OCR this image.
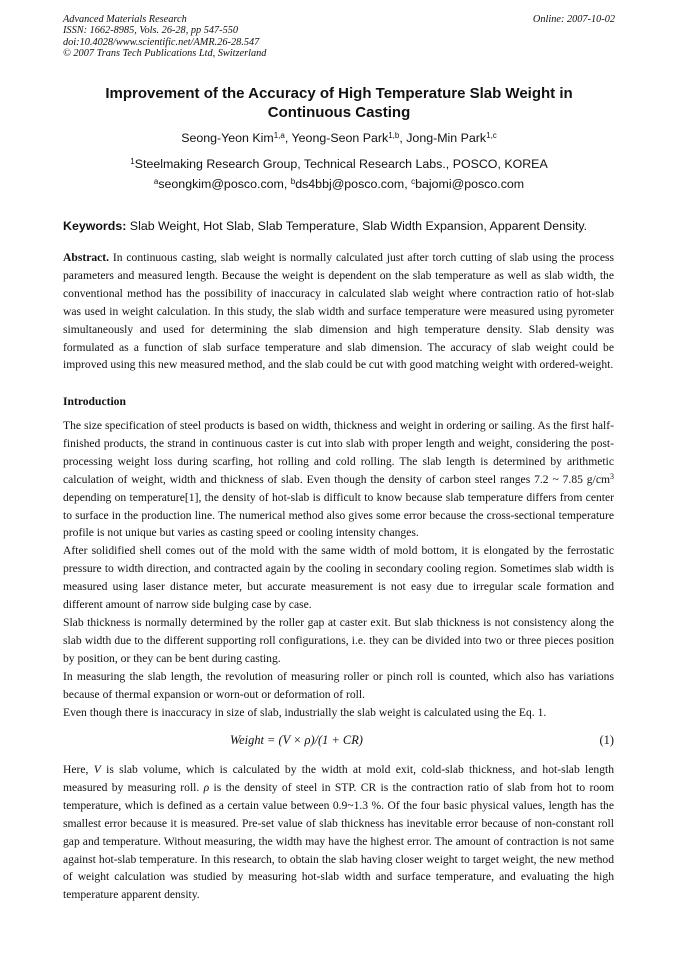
Advanced Materials Research
ISSN: 1662-8985, Vols. 26-28, pp 547-550
doi:10.4028/www.scientific.net/AMR.26-28.547
© 2007 Trans Tech Publications Ltd, Switzerland
Online: 2007-10-02
Improvement of the Accuracy of High Temperature Slab Weight in Continuous Casting
Seong-Yeon Kim$^{1,a}$, Yeong-Seon Park$^{1,b}$, Jong-Min Park$^{1,c}$
$^1$Steelmaking Research Group, Technical Research Labs., POSCO, KOREA
$^a$seongkim@posco.com, $^b$ds4bbj@posco.com, $^c$bajomi@posco.com
Keywords: Slab Weight, Hot Slab, Slab Temperature, Slab Width Expansion, Apparent Density.

Abstract. In continuous casting, slab weight is normally calculated just after torch cutting of slab using the process parameters and measured length. Because the weight is dependent on the slab temperature as well as slab width, the conventional method has the possibility of inaccuracy in calculated slab weight where contraction ratio of hot-slab was used in weight calculation. In this study, the slab width and surface temperature were measured using pyrometer simultaneously and used for determining the slab dimension and high temperature density. Slab density was formulated as a function of slab surface temperature and slab dimension. The accuracy of slab weight could be improved using this new measured method, and the slab could be cut with good matching weight with ordered-weight.

Introduction

The size specification of steel products is based on width, thickness and weight in ordering or sailing. As the first half-finished products, the strand in continuous caster is cut into slab with proper length and weight, considering the post-processing weight loss during scarfing, hot rolling and cold rolling. The slab length is determined by arithmetic calculation of weight, width and thickness of slab. Even though the density of carbon steel ranges 7.2 ~ 7.85 $g/cm^3$ depending on temperature[1], the density of hot-slab is difficult to know because slab temperature differs from center to surface in the production line. The numerical method also gives some error because the cross-sectional temperature profile is not unique but varies as casting speed or cooling intensity changes.

After solidified shell comes out of the mold with the same width of mold bottom, it is elongated by the ferrostatic pressure to width direction, and contracted again by the cooling in secondary cooling region. Sometimes slab width is measured using laser distance meter, but accurate measurement is not easy due to irregular scale formation and different amount of narrow side bulging case by case.

Slab thickness is normally determined by the roller gap at caster exit. But slab thickness is not consistency along the slab width due to the different supporting roll configurations, i.e. they can be divided into two or three pieces position by position, or they can be bent during casting.

In measuring the slab length, the revolution of measuring roller or pinch roll is counted, which also has variations because of thermal expansion or worn-out or deformation of roll.

Even though there is inaccuracy in size of slab, industrially the slab weight is calculated using the Eq. 1.

Weight = (V × ρ)/(1 + CR)	(1)

Here, V is slab volume, which is calculated by the width at mold exit, cold-slab thickness, and hot-slab length measured by measuring roll. ρ is the density of steel in STP. CR is the contraction ratio of slab from hot to room temperature, which is defined as a certain value between 0.9~1.3 %. Of the four basic physical values, length has the smallest error because it is measured. Pre-set value of slab thickness has inevitable error because of non-constant roll gap and temperature. Without measuring, the width may have the highest error. The amount of contraction is not same against hot-slab temperature. In this research, to obtain the slab having closer weight to target weight, the new method of weight calculation was studied by measuring hot-slab width and surface temperature, and evaluating the high temperature apparent density.
